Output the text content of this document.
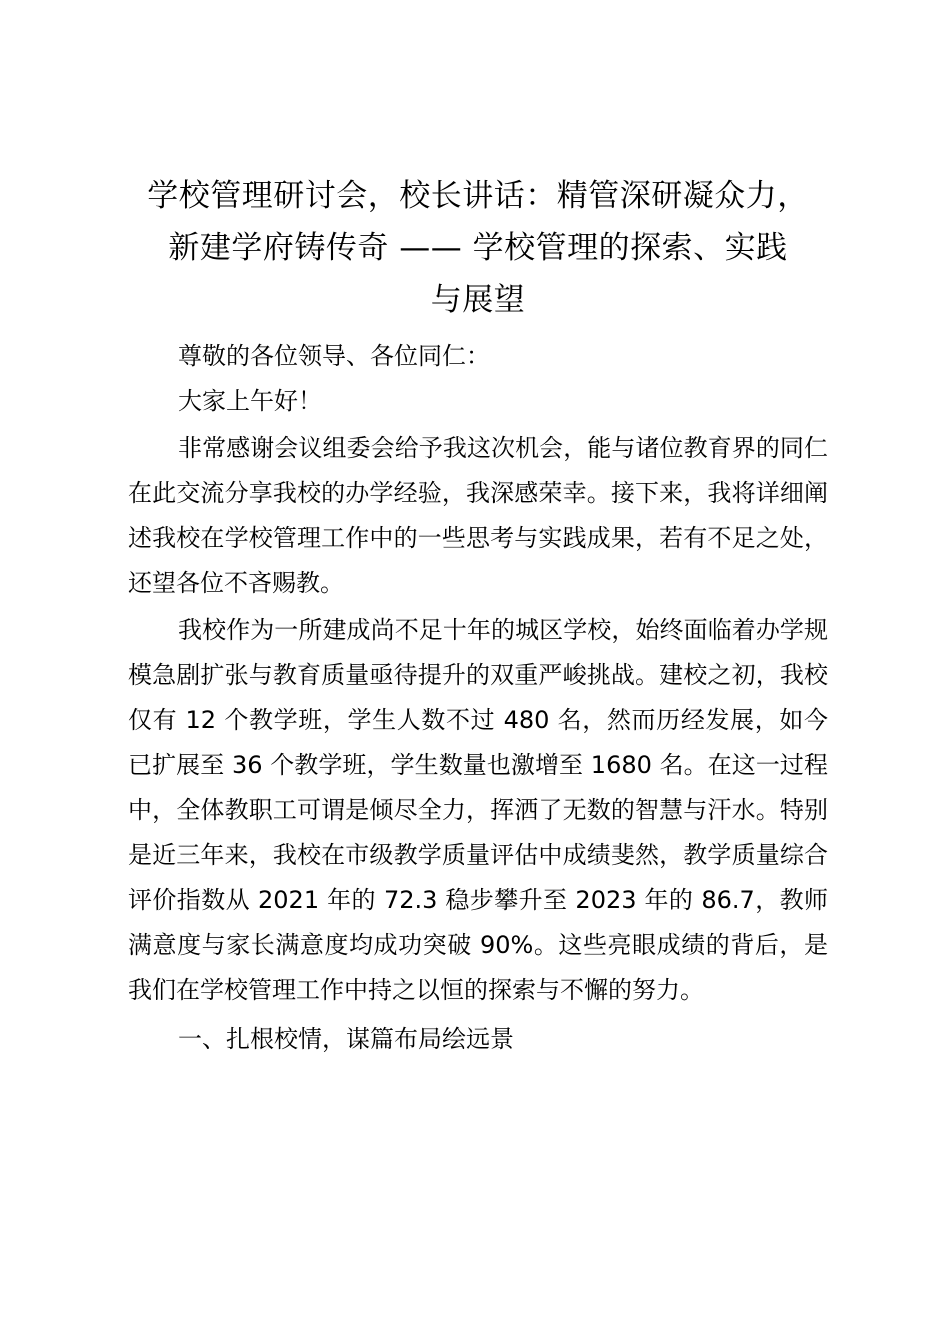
学校管理研讨会，校长讲话：精管深研凝众力，
新建学府铸传奇 —— 学校管理的探索、实践
与展望

尊敬的各位领导、各位同仁：

大家上午好！

非常感谢会议组委会给予我这次机会，能与诸位教育界的同仁在此交流分享我校的办学经验，我深感荣幸。接下来，我将详细阐述我校在学校管理工作中的一些思考与实践成果，若有不足之处，还望各位不吝赐教。

我校作为一所建成尚不足十年的城区学校，始终面临着办学规模急剧扩张与教育质量亟待提升的双重严峻挑战。建校之初，我校仅有 12 个教学班，学生人数不过 480 名，然而历经发展，如今已扩展至 36 个教学班，学生数量也激增至 1680 名。在这一过程中，全体教职工可谓是倾尽全力，挥洒了无数的智慧与汗水。特别是近三年来，我校在市级教学质量评估中成绩斐然，教学质量综合评价指数从 2021 年的 72.3 稳步攀升至 2023 年的 86.7，教师满意度与家长满意度均成功突破 90%。这些亮眼成绩的背后，是我们在学校管理工作中持之以恒的探索与不懈的努力。

一、扎根校情，谋篇布局绘远景
